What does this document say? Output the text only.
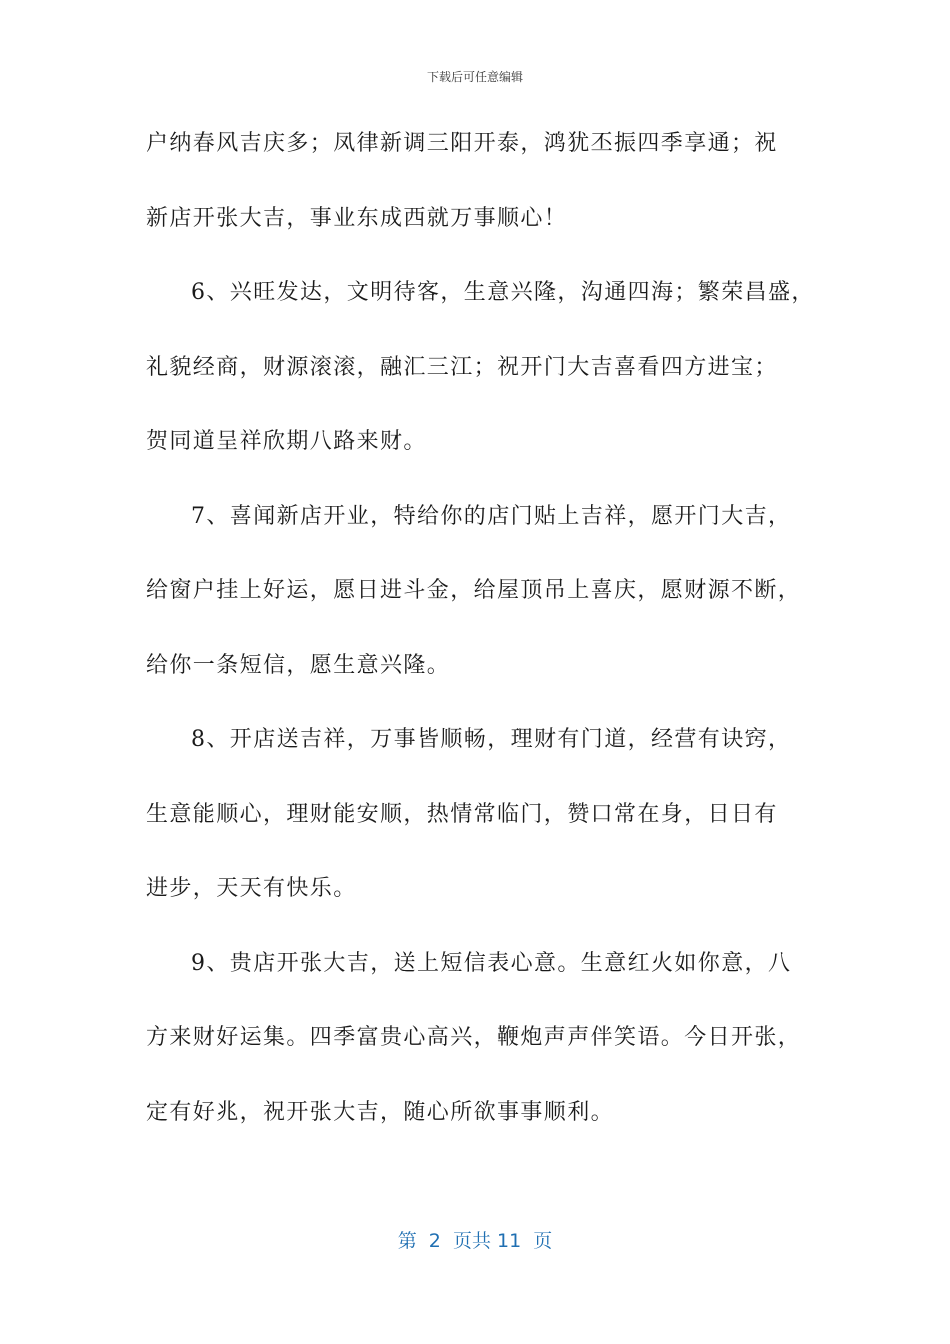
下载后可任意编辑
户纳春风吉庆多；凤律新调三阳开泰，鸿犹丕振四季享通；祝
新店开张大吉，事业东成西就万事顺心！
6、兴旺发达，文明待客，生意兴隆，沟通四海；繁荣昌盛，
礼貌经商，财源滚滚，融汇三江；祝开门大吉喜看四方进宝；
贺同道呈祥欣期八路来财。
7、喜闻新店开业，特给你的店门贴上吉祥，愿开门大吉，
给窗户挂上好运，愿日进斗金，给屋顶吊上喜庆，愿财源不断，
给你一条短信，愿生意兴隆。
8、开店送吉祥，万事皆顺畅，理财有门道，经营有诀窍，
生意能顺心，理财能安顺，热情常临门，赞口常在身，日日有
进步，天天有快乐。
9、贵店开张大吉，送上短信表心意。生意红火如你意，八
方来财好运集。四季富贵心高兴，鞭炮声声伴笑语。今日开张，
定有好兆，祝开张大吉，随心所欲事事顺利。
第  2  页共 11  页
